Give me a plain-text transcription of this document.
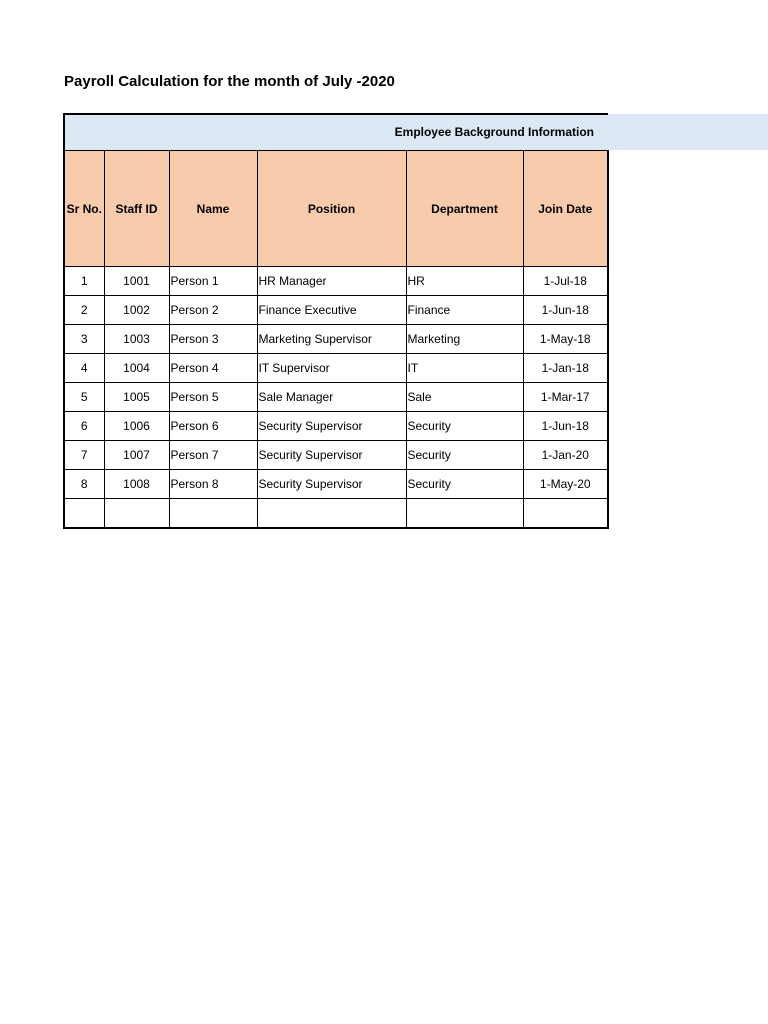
Payroll Calculation for the month of July -2020
Employee Background Information

Sr No.	Staff ID	Name	Position	Department	Join Date
1	1001	Person 1	HR Manager	HR	1-Jul-18
2	1002	Person 2	Finance Executive	Finance	1-Jun-18
3	1003	Person 3	Marketing Supervisor	Marketing	1-May-18
4	1004	Person 4	IT Supervisor	IT	1-Jan-18
5	1005	Person 5	Sale Manager	Sale	1-Mar-17
6	1006	Person 6	Security Supervisor	Security	1-Jun-18
7	1007	Person 7	Security Supervisor	Security	1-Jan-20
8	1008	Person 8	Security Supervisor	Security	1-May-20
